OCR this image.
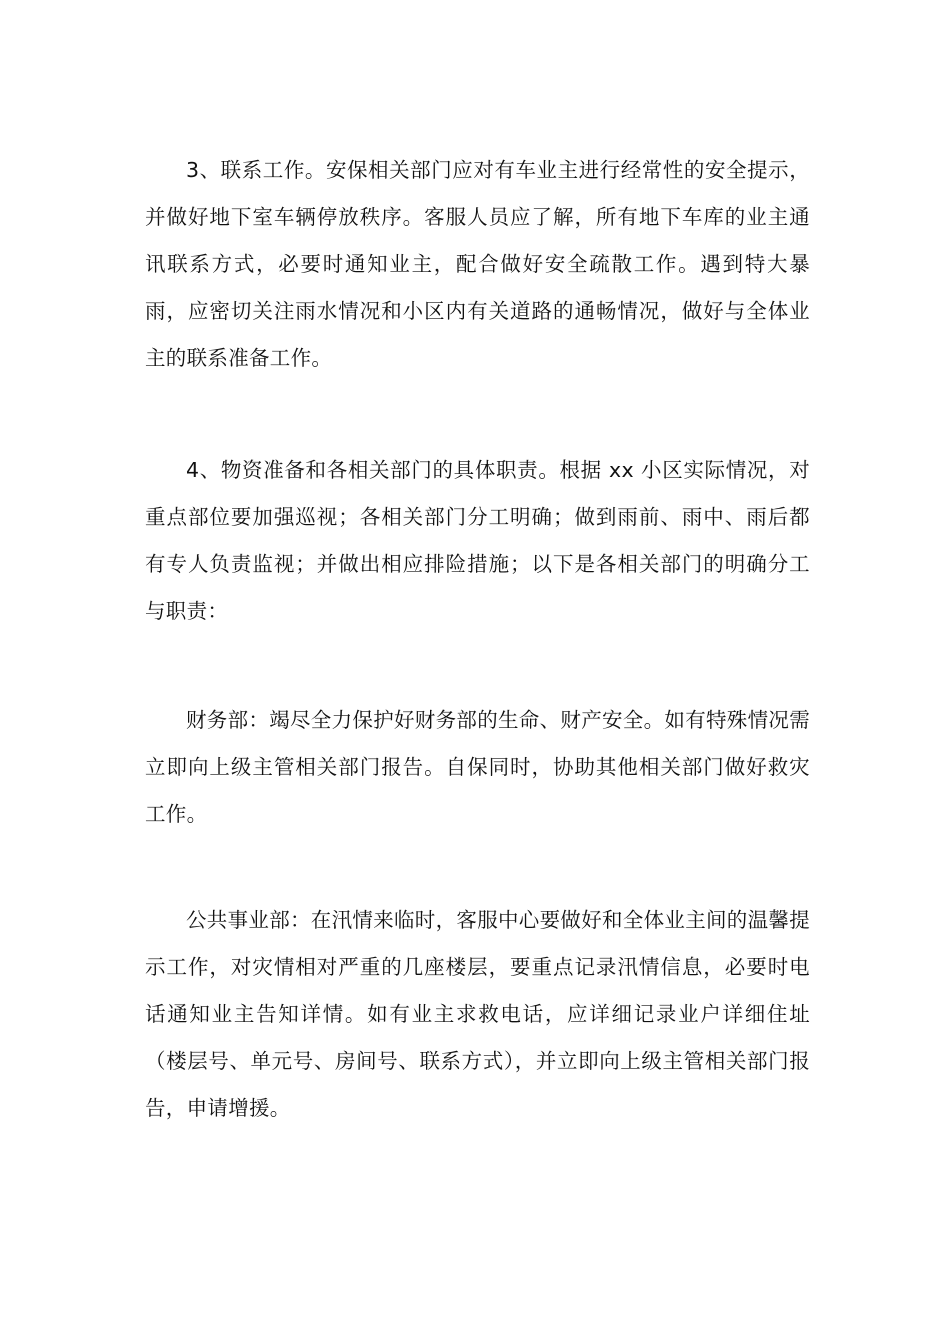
3、联系工作。安保相关部门应对有车业主进行经常性的安全提示，并做好地下室车辆停放秩序。客服人员应了解，所有地下车库的业主通讯联系方式，必要时通知业主，配合做好安全疏散工作。遇到特大暴雨，应密切关注雨水情况和小区内有关道路的通畅情况，做好与全体业主的联系准备工作。

4、物资准备和各相关部门的具体职责。根据 xx 小区实际情况，对重点部位要加强巡视；各相关部门分工明确；做到雨前、雨中、雨后都有专人负责监视；并做出相应排险措施；以下是各相关部门的明确分工与职责：

财务部：竭尽全力保护好财务部的生命、财产安全。如有特殊情况需立即向上级主管相关部门报告。自保同时，协助其他相关部门做好救灾工作。

公共事业部：在汛情来临时，客服中心要做好和全体业主间的温馨提示工作，对灾情相对严重的几座楼层，要重点记录汛情信息，必要时电话通知业主告知详情。如有业主求救电话，应详细记录业户详细住址（楼层号、单元号、房间号、联系方式），并立即向上级主管相关部门报告，申请增援。
